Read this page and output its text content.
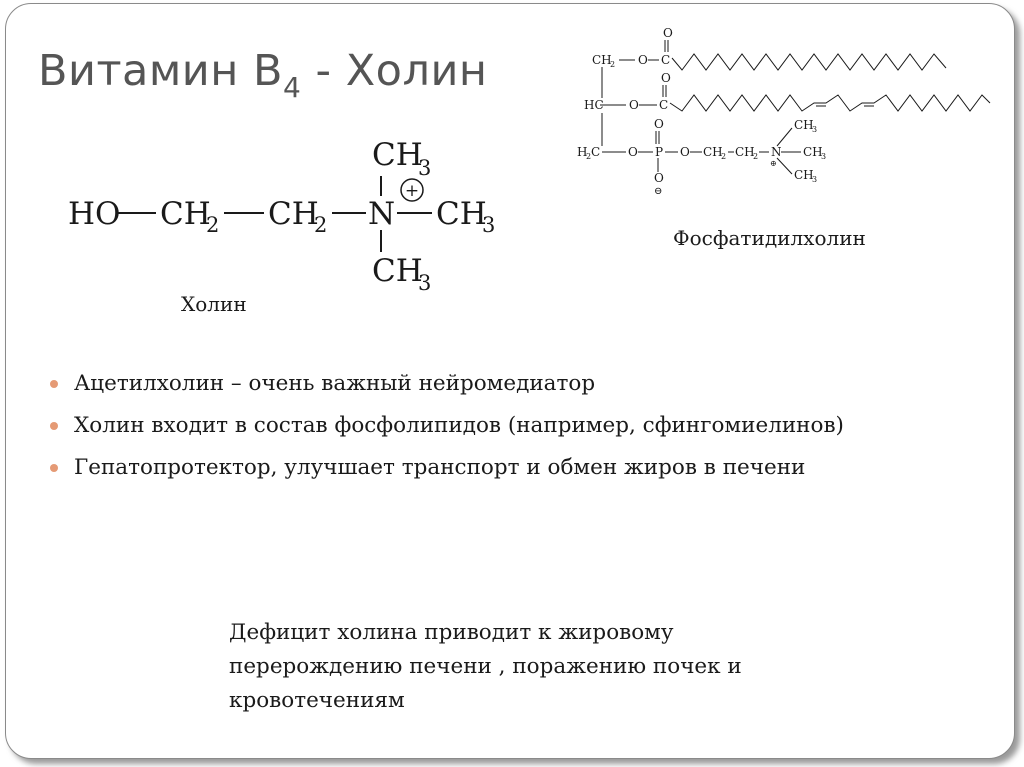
Витамин $B_4$ - Холин
HO CH
2 CH
2 N
+
CH
3
CH
3
CH
3
Холин
CH
2 O C
O
HC O C
O
H
2 C O P
O
O
⊖
O CH
2 CH
2 N
⊕
CH
3
CH
3
CH
3
Фосфатидилхолин
Ацетилхолин – очень важный нейромедиатор
Холин входит в состав фосфолипидов (например, сфингомиелинов)
Гепатопротектор, улучшает транспорт и обмен жиров в печени
Дефицит холина приводит к жировому
перерождению печени , поражению почек и
кровотечениям
